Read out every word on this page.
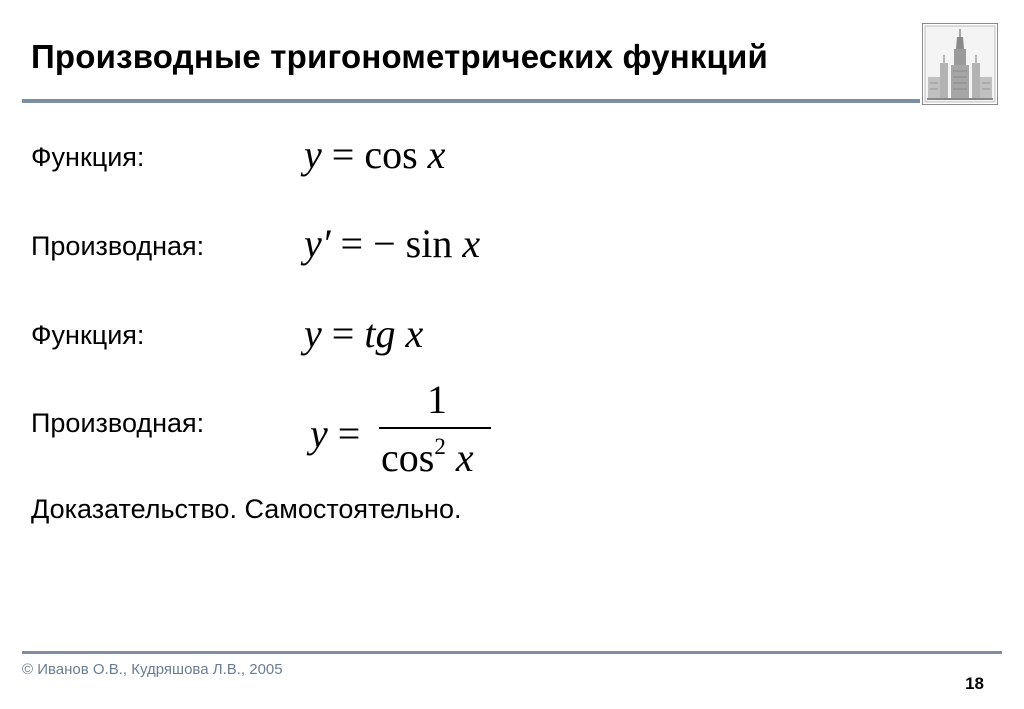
Производные тригонометрических функций
Функция:	y = cos x
Производная: y′ = − sin x
Функция:	y = tg x
Производная:	y =
1
$\cos^2 x$
Доказательство. Самостоятельно.
© Иванов О.В., Кудряшова Л.В., 2005
18
